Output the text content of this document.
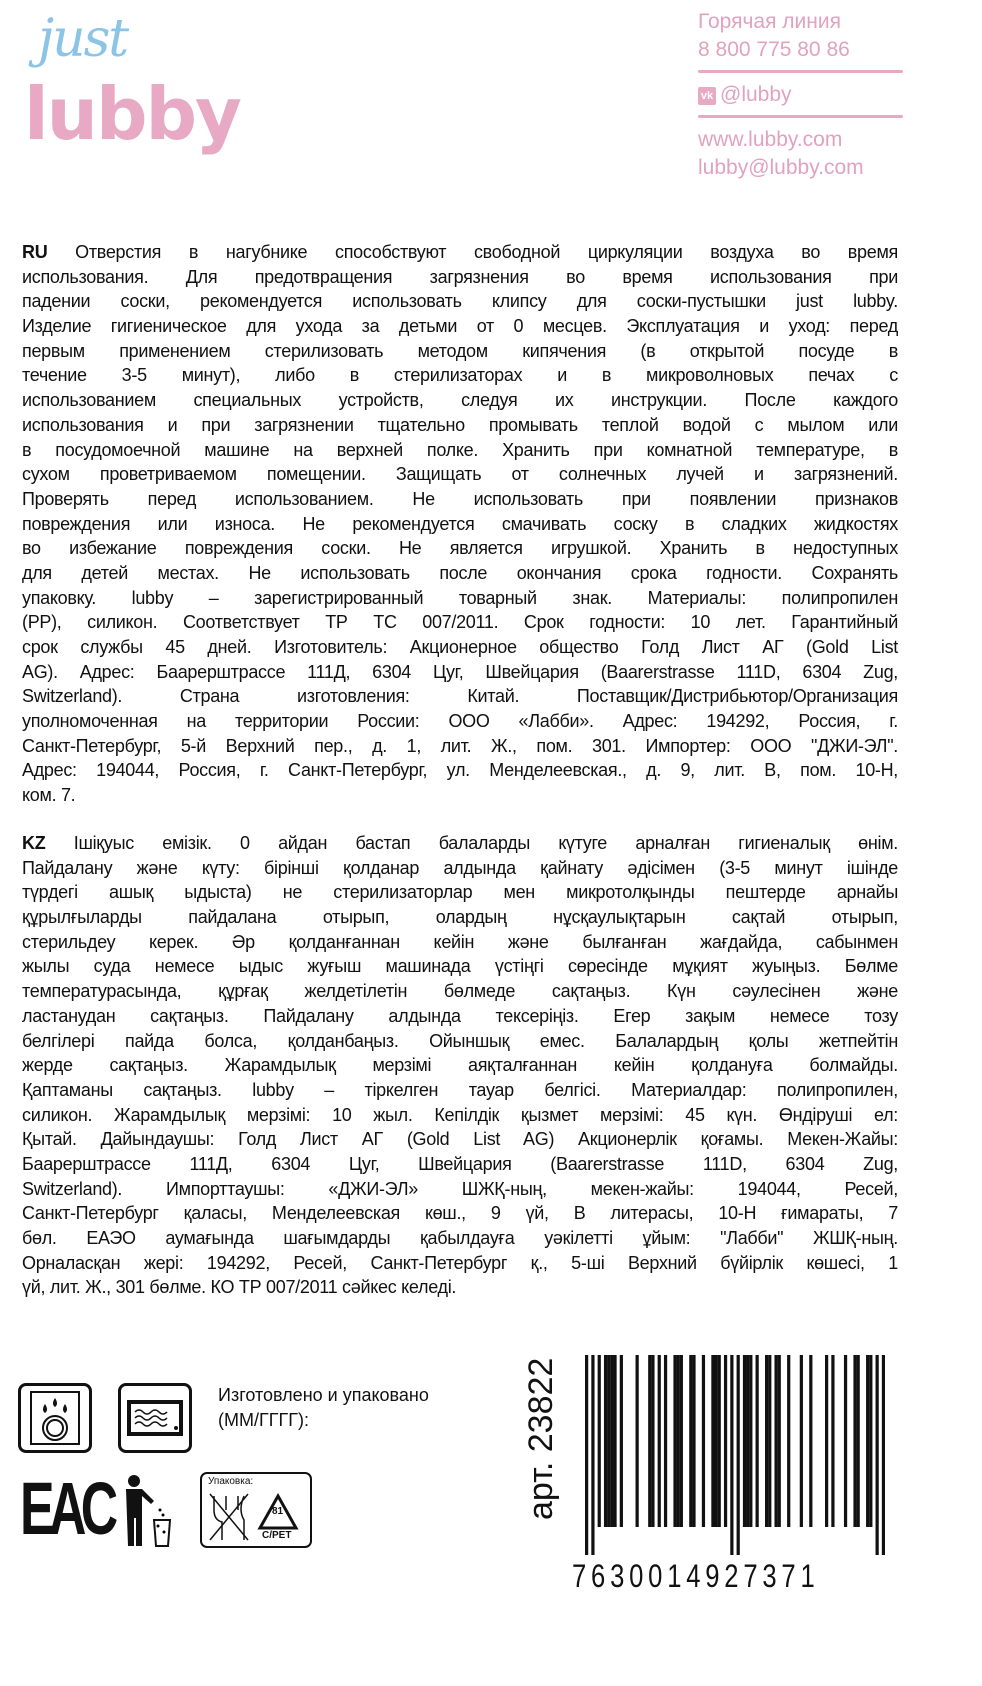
just
lubby
Горячая линия
8 800 775 80 86
vk @lubby
www.lubby.com
lubby@lubby.com
RU Отверстия в нагубнике способствуют свободной циркуляции воздуха во время
использования. Для предотвращения загрязнения во время использования при
падении соски, рекомендуется использовать клипсу для соски-пустышки just lubby.
Изделие гигиеническое для ухода за детьми от 0 месцев. Эксплуатация и уход: перед
первым применением стерилизовать методом кипячения (в открытой посуде в
течение 3-5 минут), либо в стерилизаторах и в микроволновых печах с
использованием специальных устройств, следуя их инструкции. После каждого
использования и при загрязнении тщательно промывать теплой водой с мылом или
в посудомоечной машине на верхней полке. Хранить при комнатной температуре, в
сухом проветриваемом помещении. Защищать от солнечных лучей и загрязнений.
Проверять перед использованием. Не использовать при появлении признаков
повреждения или износа. Не рекомендуется смачивать соску в сладких жидкостях
во избежание повреждения соски. Не является игрушкой. Хранить в недоступных
для детей местах. Не использовать после окончания срока годности. Сохранять
упаковку. lubby – зарегистрированный товарный знак. Материалы: полипропилен
(PP), силикон. Соответствует ТР ТС 007/2011. Срок годности: 10 лет. Гарантийный
срок службы 45 дней. Изготовитель: Акционерное общество Голд Лист АГ (Gold List
AG). Адрес: Баарерштрассе 111Д, 6304 Цуг, Швейцария (Baarerstrasse 111D, 6304 Zug,
Switzerland). Страна изготовления: Китай. Поставщик/Дистрибьютор/Организация
уполномоченная на территории России: ООО «Лабби». Адрес: 194292, Россия, г.
Санкт-Петербург, 5-й Верхний пер., д. 1, лит. Ж., пом. 301. Импортер: ООО "ДЖИ-ЭЛ".
Адрес: 194044, Россия, г. Санкт-Петербург, ул. Менделеевская., д. 9, лит. В, пом. 10-Н,
ком. 7.
KZ Ішіқуыс емізік. 0 айдан бастап балаларды күтуге арналған гигиеналық өнім.
Пайдалану және күту: бірінші қолданар алдында қайнату әдісімен (3-5 минут ішінде
түрдегі ашық ыдыста) не стерилизаторлар мен микротолқынды пештерде арнайы
құрылғыларды пайдалана отырып, олардың нұсқаулықтарын сақтай отырып,
стерильдеу керек. Әр қолданғаннан кейін және былғанған жағдайда, сабынмен
жылы суда немесе ыдыс жуғыш машинада үстіңгі сөресінде мұқият жуыңыз. Бөлме
температурасында, құрғақ желдетілетін бөлмеде сақтаңыз. Күн сәулесінен және
ластанудан сақтаңыз. Пайдалану алдында тексеріңіз. Егер зақым немесе тозу
белгілері пайда болса, қолданбаңыз. Ойыншық емес. Балалардың қолы жетпейтін
жерде сақтаңыз. Жарамдылық мерзімі аяқталғаннан кейін қолдануға болмайды.
Қаптаманы сақтаңыз. lubby – тіркелген тауар белгісі. Материалдар: полипропилен,
силикон. Жарамдылық мерзімі: 10 жыл. Кепілдік қызмет мерзімі: 45 күн. Өндіруші ел:
Қытай. Дайындаушы: Голд Лист АГ (Gold List AG) Акционерлік қоғамы. Мекен-Жайы:
Баарерштрассе 111Д, 6304 Цуг, Швейцария (Baarerstrasse 111D, 6304 Zug,
Switzerland). Импорттаушы: «ДЖИ-ЭЛ» ШЖҚ-ның, мекен-жайы: 194044, Ресей,
Санкт-Петербург қаласы, Менделеевская көш., 9 үй, В литерасы, 10-Н ғимараты, 7
бөл. ЕАЭО аумағында шағымдарды қабылдауға уәкілетті ұйым: "Лабби" ЖШҚ-ның.
Орналасқан жері: 194292, Ресей, Санкт-Петербург қ., 5-ші Верхний бүйірлік көшесі, 1
үй, лит. Ж., 301 бөлме. КО ТР 007/2011 сәйкес келеді.
Изготовлено и упаковано
(ММ/ГГГГ):
EAC	Упаковка:
81
C/PET
арт. 23822
7630014927371
